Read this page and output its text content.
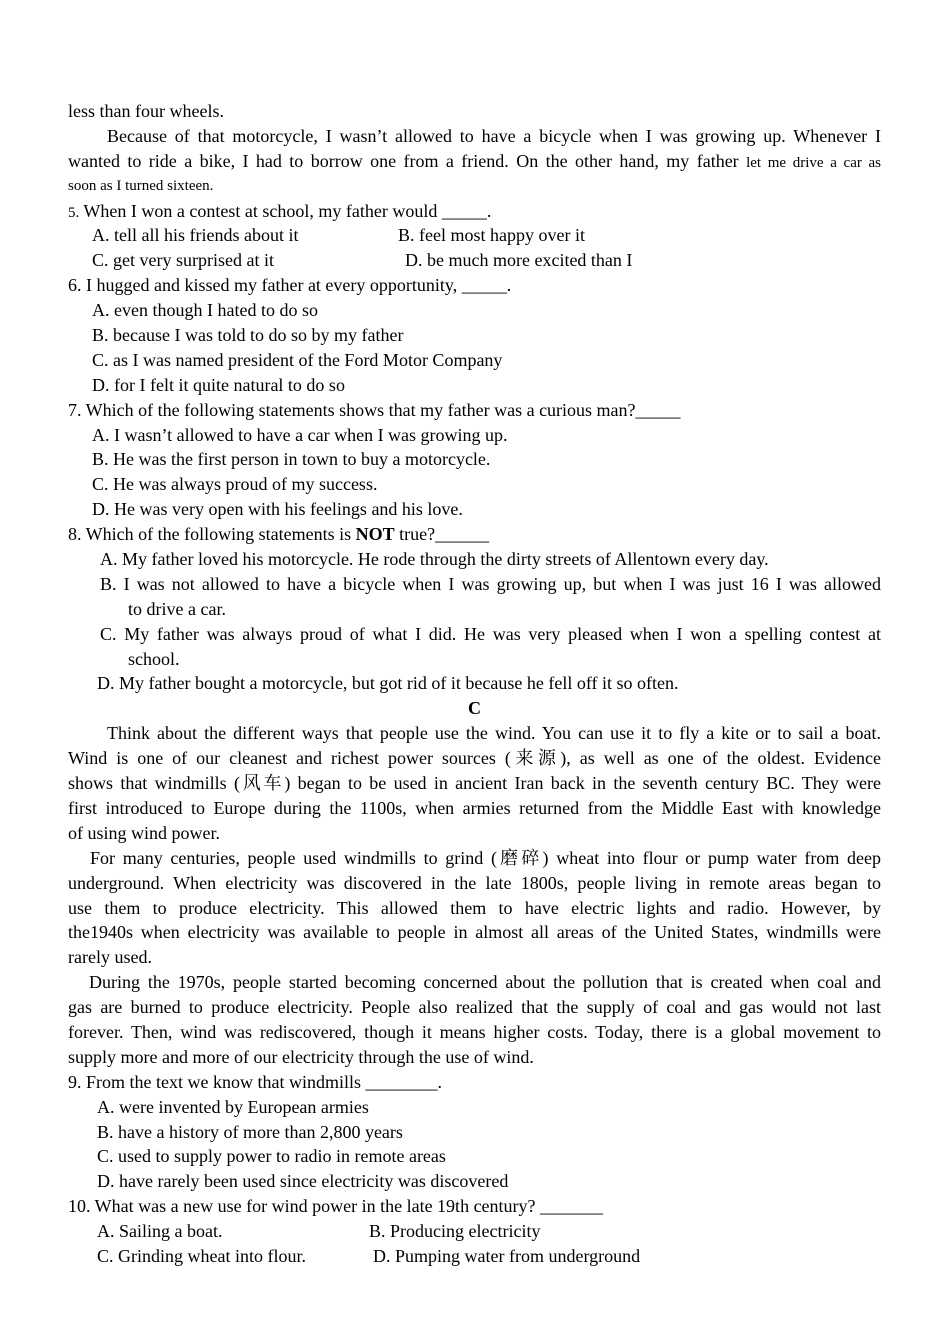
less than four wheels.
Because of that motorcycle, I wasn’t allowed to have a bicycle when I was growing up. Whenever I
wanted to ride a bike, I had to borrow one from a friend. On the other hand, my father let me drive a car as
soon as I turned sixteen.
5. When I won a contest at school, my father would _____.
A. tell all his friends about it	B. feel most happy over it
C. get very surprised at it	D. be much more excited than I
6. I hugged and kissed my father at every opportunity, _____.
A. even though I hated to do so
B. because I was told to do so by my father
C. as I was named president of the Ford Motor Company
D. for I felt it quite natural to do so
7. Which of the following statements shows that my father was a curious man?_____
A. I wasn’t allowed to have a car when I was growing up.
B. He was the first person in town to buy a motorcycle.
C. He was always proud of my success.
D. He was very open with his feelings and his love.
8. Which of the following statements is NOT true?______
A. My father loved his motorcycle. He rode through the dirty streets of Allentown every day.
B. I was not allowed to have a bicycle when I was growing up, but when I was just 16 I was allowed
to drive a car.
C. My father was always proud of what I did. He was very pleased when I won a spelling contest at
school.
D. My father bought a motorcycle, but got rid of it because he fell off it so often.
C
Think about the different ways that people use the wind. You can use it to fly a kite or to sail a boat.
Wind is one of our cleanest and richest power sources (来源), as well as one of the oldest. Evidence
shows that windmills (风车) began to be used in ancient Iran back in the seventh century BC. They were
first introduced to Europe during the 1100s, when armies returned from the Middle East with knowledge
of using wind power.
For many centuries, people used windmills to grind (磨碎) wheat into flour or pump water from deep
underground. When electricity was discovered in the late 1800s, people living in remote areas began to
use them to produce electricity. This allowed them to have electric lights and radio. However, by
the1940s when electricity was available to people in almost all areas of the United States, windmills were
rarely used.
During the 1970s, people started becoming concerned about the pollution that is created when coal and
gas are burned to produce electricity. People also realized that the supply of coal and gas would not last
forever. Then, wind was rediscovered, though it means higher costs. Today, there is a global movement to
supply more and more of our electricity through the use of wind.
9. From the text we know that windmills ________.
A. were invented by European armies
B. have a history of more than 2,800 years
C. used to supply power to radio in remote areas
D. have rarely been used since electricity was discovered
10. What was a new use for wind power in the late 19th century? _______
A. Sailing a boat.	B. Producing electricity
C. Grinding wheat into flour.	D. Pumping water from underground
